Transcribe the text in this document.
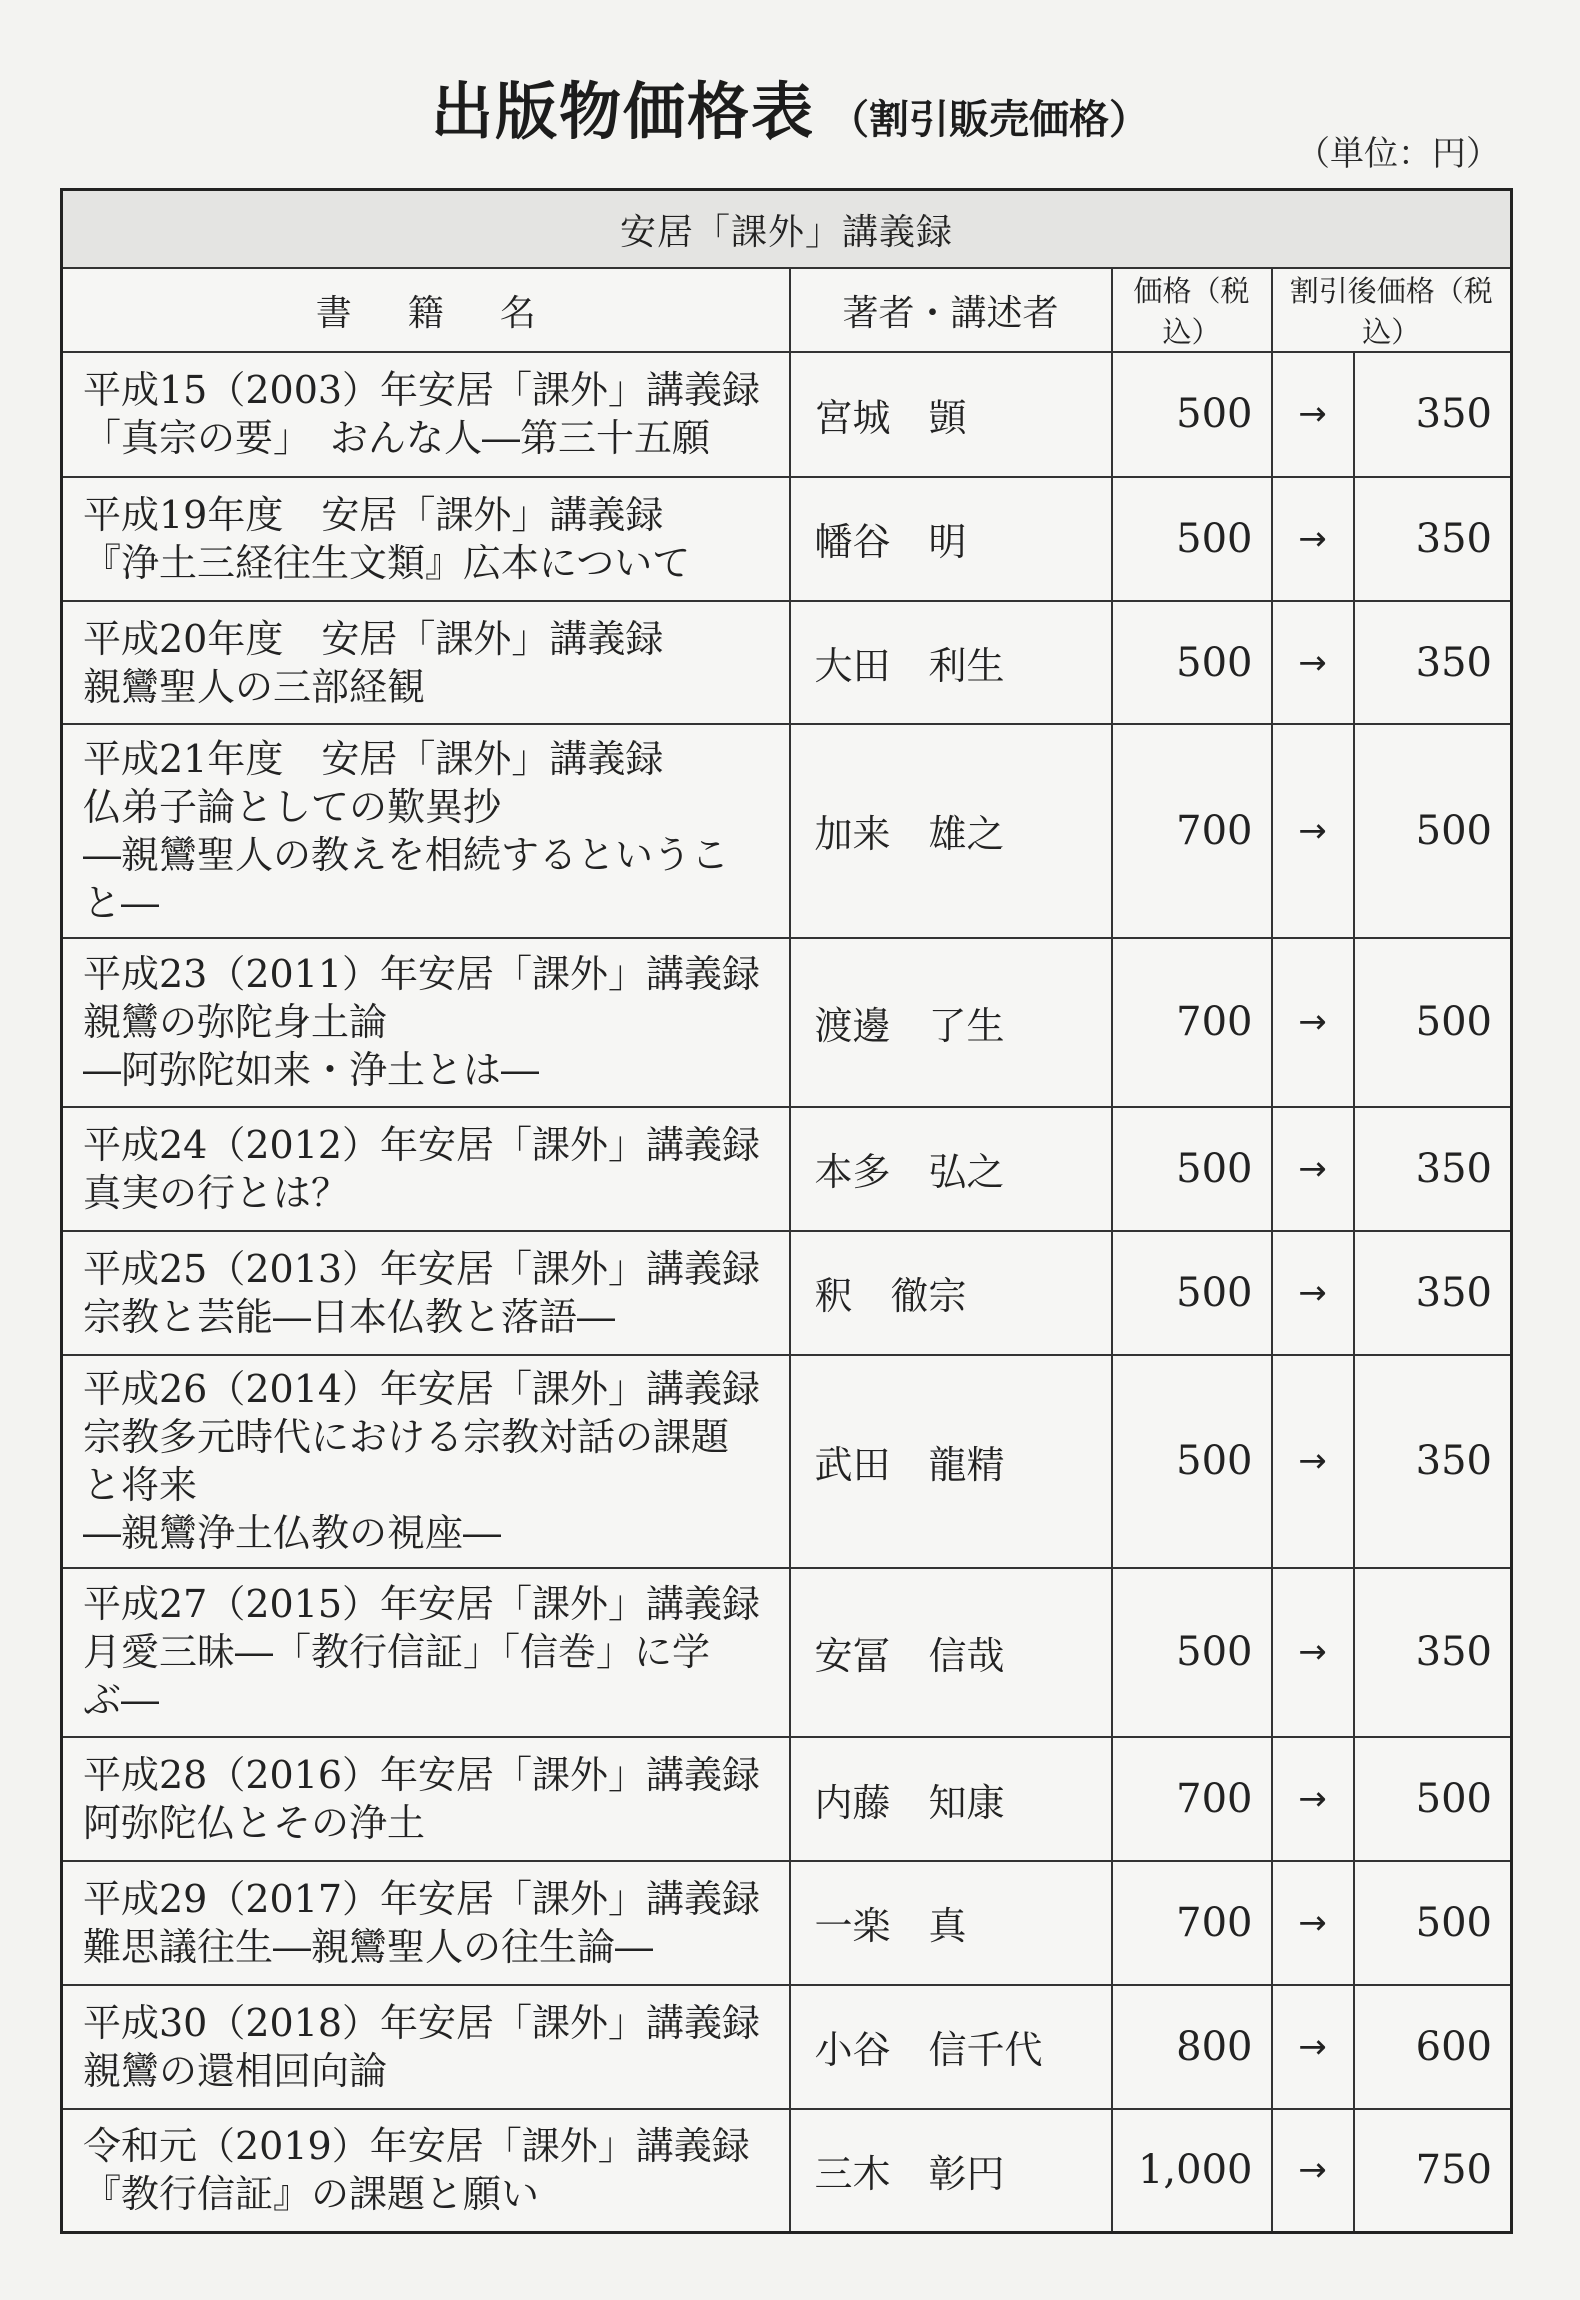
出版物価格表 （割引販売価格）
（単位：円）
安居「課外」講義録				
書籍名	著者・講述者	価格（税込）	割引後価格（税込）	

平成15（2003）年安居「課外」講義録
「真宗の要」　おんな人―第三十五願	宮城　顗	500	→	350

平成19年度　安居「課外」講義録
『浄土三経往生文類』広本について	幡谷　明	500	→	350

平成20年度　安居「課外」講義録
親鸞聖人の三部経観	大田　利生	500	→	350

平成21年度　安居「課外」講義録
仏弟子論としての歎異抄
―親鸞聖人の教えを相続するというこ
と―	加来　雄之	700	→	500

平成23（2011）年安居「課外」講義録
親鸞の弥陀身土論
―阿弥陀如来・浄土とは―	渡邊　了生	700	→	500

平成24（2012）年安居「課外」講義録
真実の行とは？	本多　弘之	500	→	350

平成25（2013）年安居「課外」講義録
宗教と芸能―日本仏教と落語―	釈　徹宗	500	→	350

平成26（2014）年安居「課外」講義録
宗教多元時代における宗教対話の課題
と将来
―親鸞浄土仏教の視座―	武田　龍精	500	→	350

平成27（2015）年安居「課外」講義録
月愛三昧―「教行信証」「信巻」に学
ぶ―	安冨　信哉	500	→	350

平成28（2016）年安居「課外」講義録
阿弥陀仏とその浄土	内藤　知康	700	→	500

平成29（2017）年安居「課外」講義録
難思議往生―親鸞聖人の往生論―	一楽　真	700	→	500

平成30（2018）年安居「課外」講義録
親鸞の還相回向論	小谷　信千代	800	→	600

令和元（2019）年安居「課外」講義録
『教行信証』の課題と願い	三木　彰円	1,000	→	750
